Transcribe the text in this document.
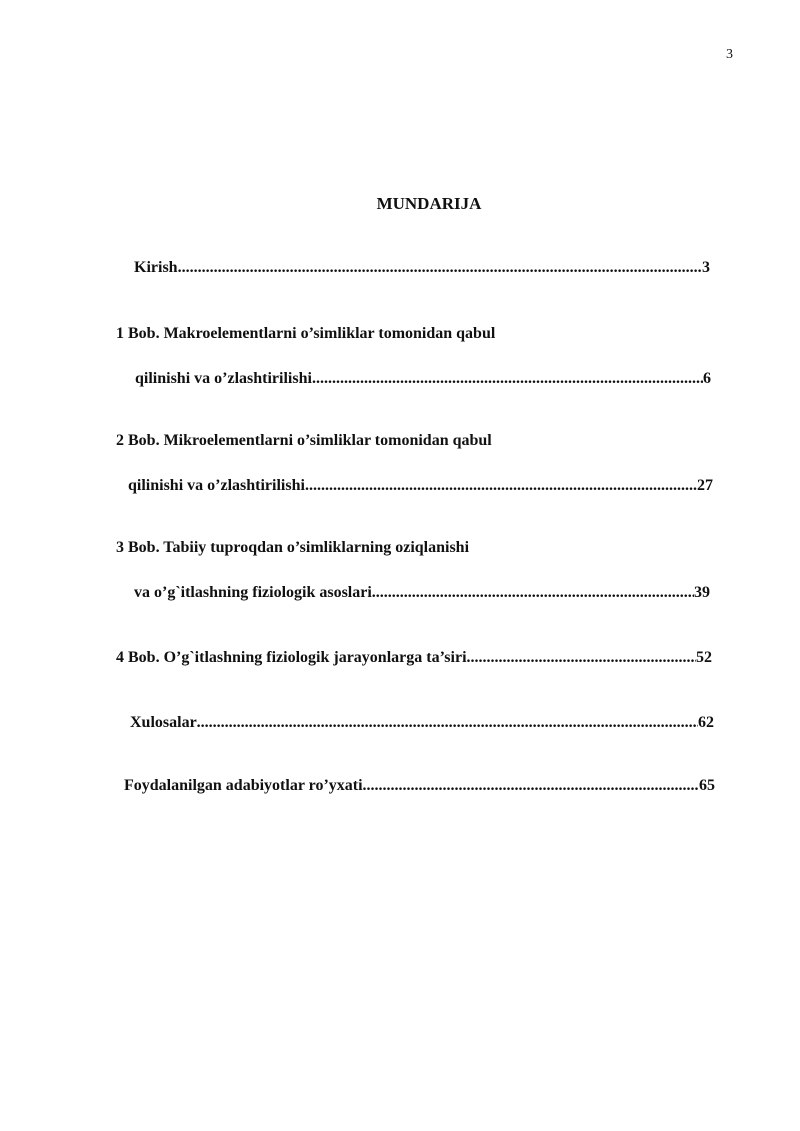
3
MUNDARIJA
Kirish .....	3
1 Bob. Makroelementlarni o’simliklar tomonidan qabul
qilinishi va o’zlashtirilishi .....	6
2 Bob. Mikroelementlarni o’simliklar tomonidan qabul
qilinishi va o’zlashtirilishi .....	27
3 Bob. Tabiiy tuproqdan o’simliklarning oziqlanishi
va o’g`itlashning fiziologik asoslari .....	39
4 Bob. O’g`itlashning fiziologik jarayonlarga ta’siri .....	52
Xulosalar .....	62
Foydalanilgan adabiyotlar ro’yxati .....	65
